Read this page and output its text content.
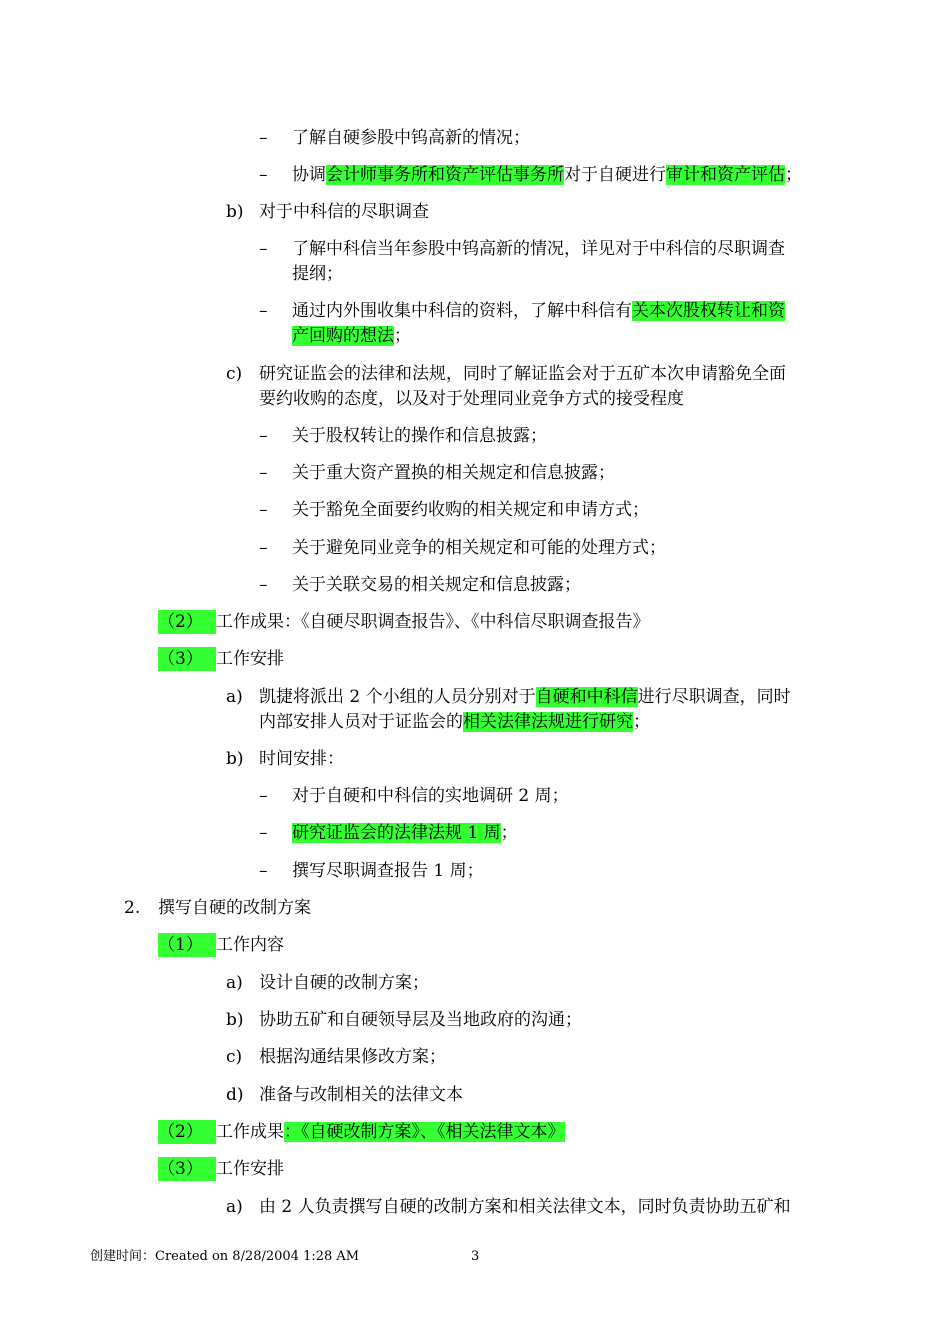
– 了解自硬参股中钨高新的情况；
– 协调会计师事务所和资产评估事务所对于自硬进行审计和资产评估；
b) 对于中科信的尽职调查
– 了解中科信当年参股中钨高新的情况，详见对于中科信的尽职调查
提纲；
– 通过内外围收集中科信的资料，了解中科信有关本次股权转让和资
产回购的想法；
c) 研究证监会的法律和法规，同时了解证监会对于五矿本次申请豁免全面
要约收购的态度，以及对于处理同业竞争方式的接受程度
– 关于股权转让的操作和信息披露；
– 关于重大资产置换的相关规定和信息披露；
– 关于豁免全面要约收购的相关规定和申请方式；
– 关于避免同业竞争的相关规定和可能的处理方式；
– 关于关联交易的相关规定和信息披露；
（2） 工作成果：《自硬尽职调查报告》、《中科信尽职调查报告》
（3） 工作安排
a) 凯捷将派出 2 个小组的人员分别对于自硬和中科信进行尽职调查，同时
内部安排人员对于证监会的相关法律法规进行研究；
b) 时间安排：
– 对于自硬和中科信的实地调研 2 周；
– 研究证监会的法律法规 1 周；
– 撰写尽职调查报告 1 周；
2. 撰写自硬的改制方案
（1） 工作内容
a) 设计自硬的改制方案；
b) 协助五矿和自硬领导层及当地政府的沟通；
c) 根据沟通结果修改方案；
d) 准备与改制相关的法律文本
（2） 工作成果：《自硬改制方案》、《相关法律文本》
（3） 工作安排
a) 由 2 人负责撰写自硬的改制方案和相关法律文本，同时负责协助五矿和
创建时间：Created on 8/28/2004 1:28 AM	3
